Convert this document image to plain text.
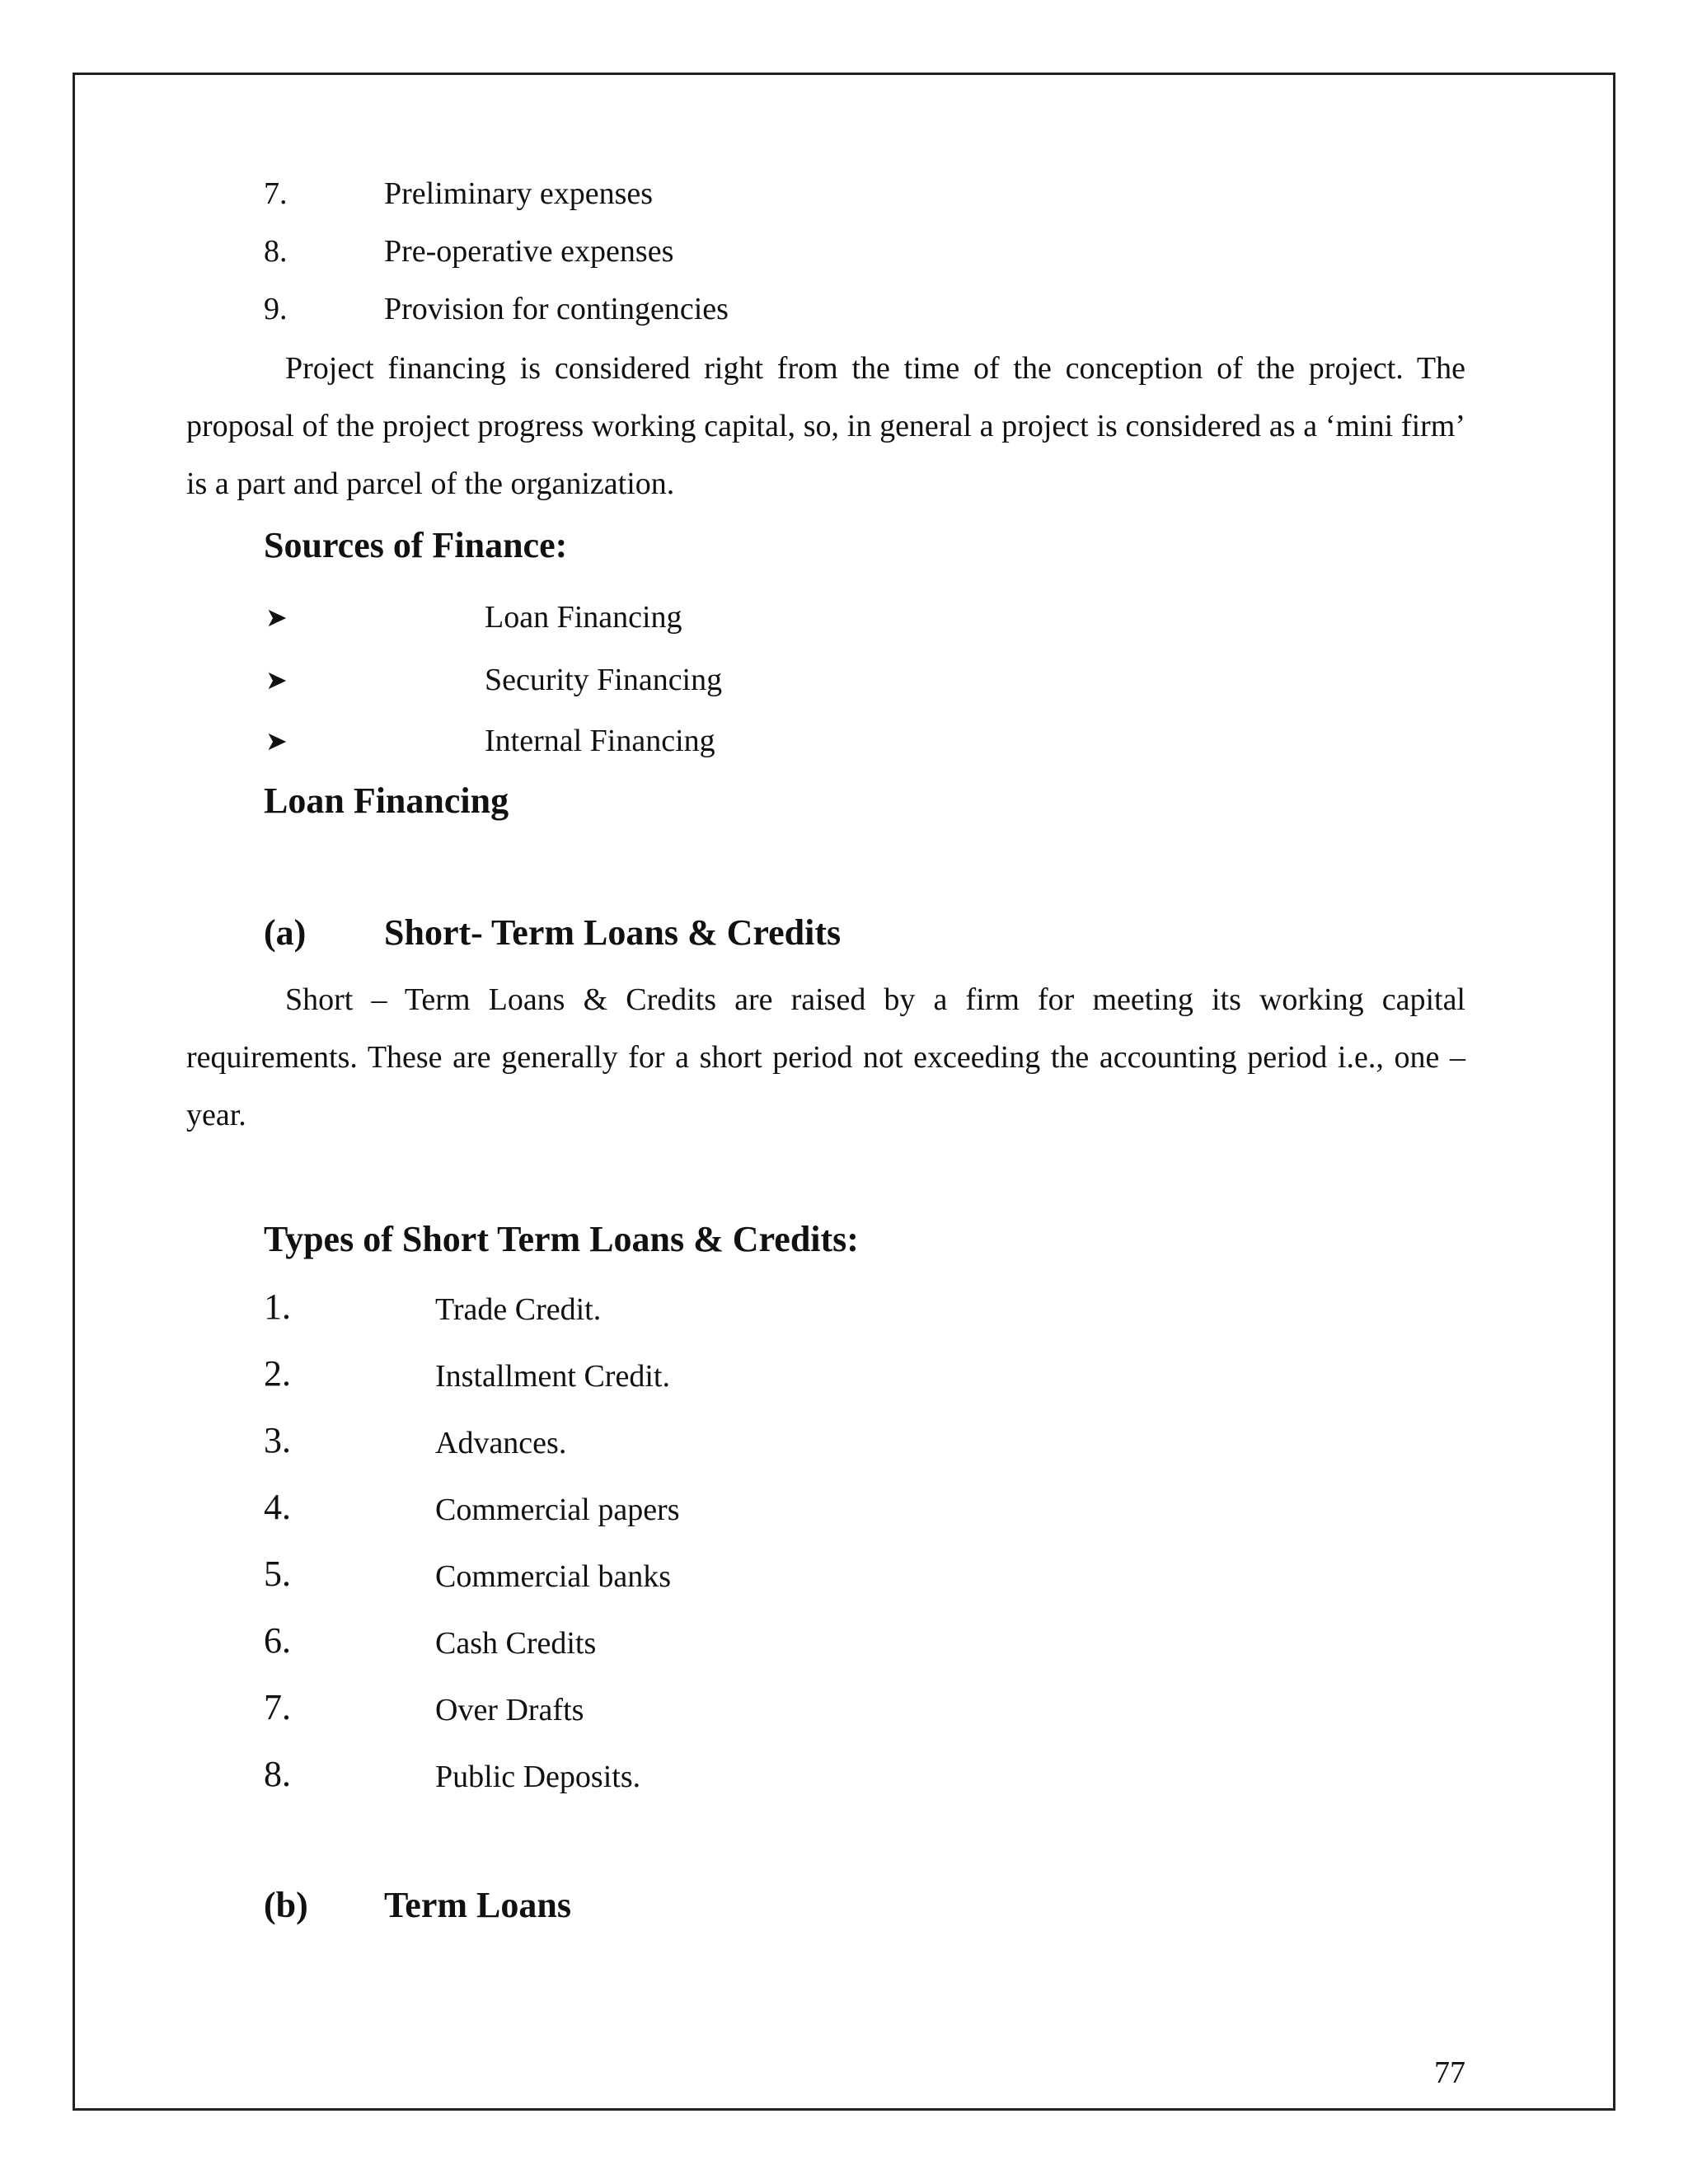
7.	Preliminary expenses
8.	Pre-operative expenses
9.	Provision for contingencies

Project financing is considered right from the time of the conception of the project. The proposal of the project progress working capital, so, in general a project is considered as a ‘mini firm’ is a part and parcel of the organization.

Sources of Finance:
➤	Loan Financing
➤	Security Financing
➤	Internal Financing
Loan Financing
(a) Short- Term Loans & Credits

Short – Term Loans & Credits are raised by a firm for meeting its working capital requirements. These are generally for a short period not exceeding the accounting period i.e., one – year.

Types of Short Term Loans & Credits:
1.	Trade Credit.
2.	Installment Credit.
3.	Advances.
4.	Commercial papers
5.	Commercial banks
6.	Cash Credits
7.	Over Drafts
8.	Public Deposits.
(b) Term Loans
77
